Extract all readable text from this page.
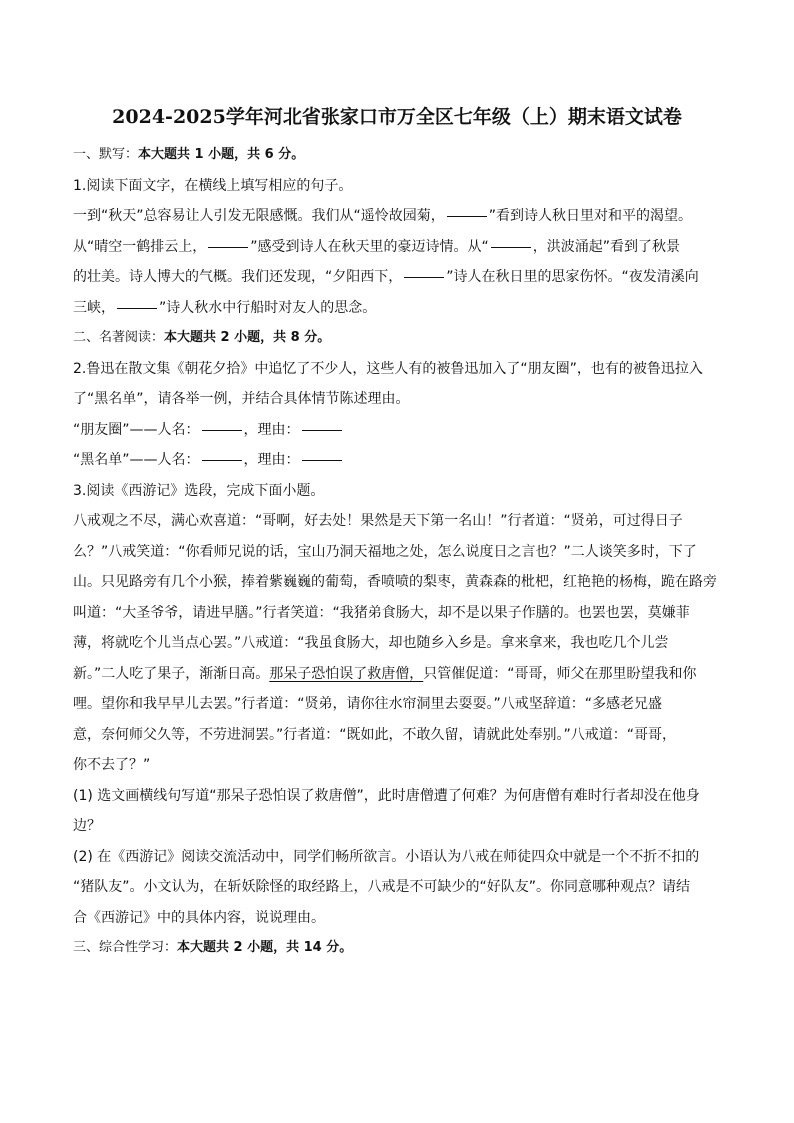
2024-2025学年河北省张家口市万全区七年级（上）期末语文试卷
一、默写：本大题共 1 小题，共 6 分。
1.阅读下面文字，在横线上填写相应的句子。
一到“秋天”总容易让人引发无限感慨。我们从“遥怜故园菊，	”看到诗人秋日里对和平的渴望。
从“晴空一鹤排云上，	”感受到诗人在秋天里的豪迈诗情。从“	，洪波涌起”看到了秋景
的壮美。诗人博大的气概。我们还发现，“夕阳西下，	”诗人在秋日里的思家伤怀。“夜发清溪向
三峡，	”诗人秋水中行船时对友人的思念。
二、名著阅读：本大题共 2 小题，共 8 分。
2.鲁迅在散文集《朝花夕拾》中追忆了不少人，这些人有的被鲁迅加入了“朋友圈”，也有的被鲁迅拉入
了“黑名单”，请各举一例，并结合具体情节陈述理由。
“朋友圈”——人名：	，理由：
“黑名单”——人名：	，理由：
3.阅读《西游记》选段，完成下面小题。
八戒观之不尽，满心欢喜道：“哥啊，好去处！果然是天下第一名山！”行者道：“贤弟，可过得日子
么？”八戒笑道：“你看师兄说的话，宝山乃洞天福地之处，怎么说度日之言也？”二人谈笑多时，下了
山。只见路旁有几个小猴，捧着紫巍巍的葡萄，香喷喷的梨枣，黄森森的枇杷，红艳艳的杨梅，跪在路旁
叫道：“大圣爷爷，请进早膳。”行者笑道：“我猪弟食肠大，却不是以果子作膳的。也罢也罢，莫嫌菲
薄，将就吃个儿当点心罢。”八戒道：“我虽食肠大，却也随乡入乡是。拿来拿来，我也吃几个儿尝
新。”二人吃了果子，渐渐日高。那呆子恐怕误了救唐僧，只管催促道：“哥哥，师父在那里盼望我和你
哩。望你和我早早儿去罢。”行者道：“贤弟，请你往水帘洞里去耍耍。”八戒坚辞道：“多感老兄盛
意，奈何师父久等，不劳进洞罢。”行者道：“既如此，不敢久留，请就此处奉别。”八戒道：“哥哥，
你不去了？”
(1) 选文画横线句写道“那呆子恐怕误了救唐僧”，此时唐僧遭了何难？为何唐僧有难时行者却没在他身
边？
(2) 在《西游记》阅读交流活动中，同学们畅所欲言。小语认为八戒在师徒四众中就是一个不折不扣的
“猪队友”。小文认为，在斩妖除怪的取经路上，八戒是不可缺少的“好队友”。你同意哪种观点？请结
合《西游记》中的具体内容，说说理由。
三、综合性学习：本大题共 2 小题，共 14 分。
